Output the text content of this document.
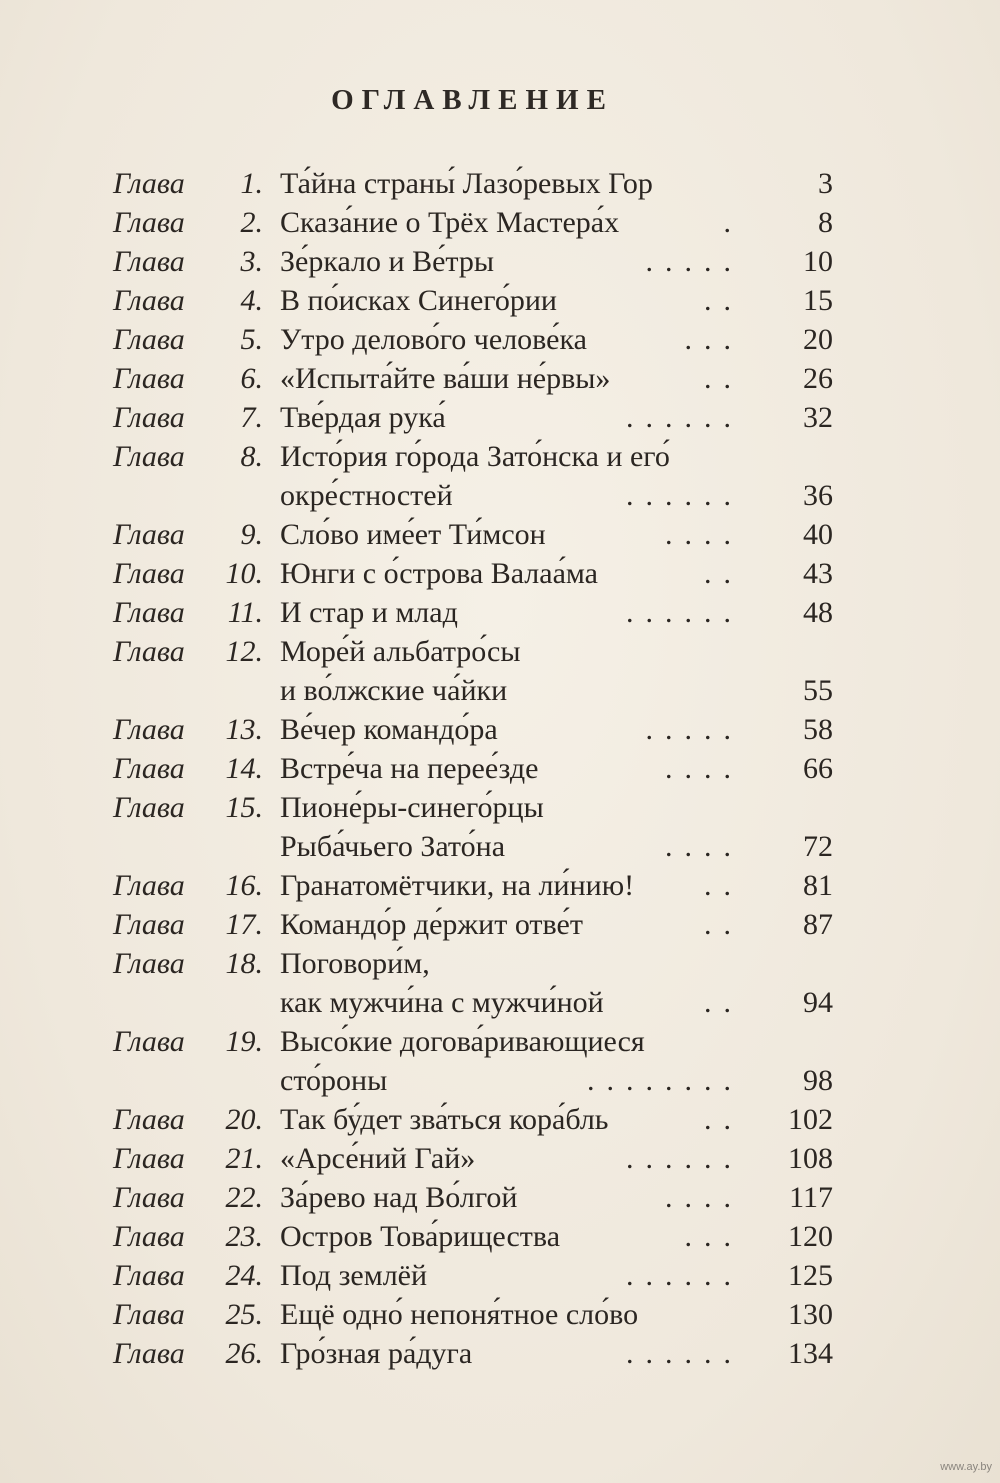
ОГЛАВЛЕНИЕ
Глава	1. Та́йна страны́ Лазо́ревых Гор	3
Глава	2. Сказа́ние о Трёх Мастера́х	.	8
Глава	3. Зе́ркало и Ве́тры	.....	10
Глава	4. В по́исках Синего́рии	..	15
Глава	5. Утро делово́го челове́ка	...	20
Глава	6. «Испыта́йте ва́ши не́рвы»	..	26
Глава	7. Тве́рдая рука́	......	32
Глава	8. Исто́рия го́рода Зато́нска и его́
окре́стностей	......	36
Глава	9. Сло́во име́ет Ти́мсон	....	40
Глава	10. Юнги с о́строва Валаа́ма	..	43
Глава	11. И стар и млад	......	48
Глава	12. Море́й альбатро́сы
и во́лжские ча́йки	55
Глава	13. Ве́чер командо́ра	.....	58
Глава	14. Встре́ча на перее́зде	....	66
Глава	15. Пионе́ры-синего́рцы
Рыба́чьего Зато́на	....	72
Глава	16. Гранатомётчики, на ли́нию!	..	81
Глава	17. Командо́р де́ржит отве́т	..	87
Глава	18. Поговори́м,
как мужчи́на с мужчи́ной	..	94
Глава	19. Высо́кие догова́ривающиеся
сто́роны	........	98
Глава	20. Так бу́дет зва́ться кора́бль	..	102
Глава	21. «Арсе́ний Гай»	......	108
Глава	22. За́рево над Во́лгой	....	117
Глава	23. Остров Това́рищества	...	120
Глава	24. Под землёй	......	125
Глава	25. Ещё одно́ непоня́тное сло́во	130
Глава	26. Гро́зная ра́дуга	......	134
www.ay.by
